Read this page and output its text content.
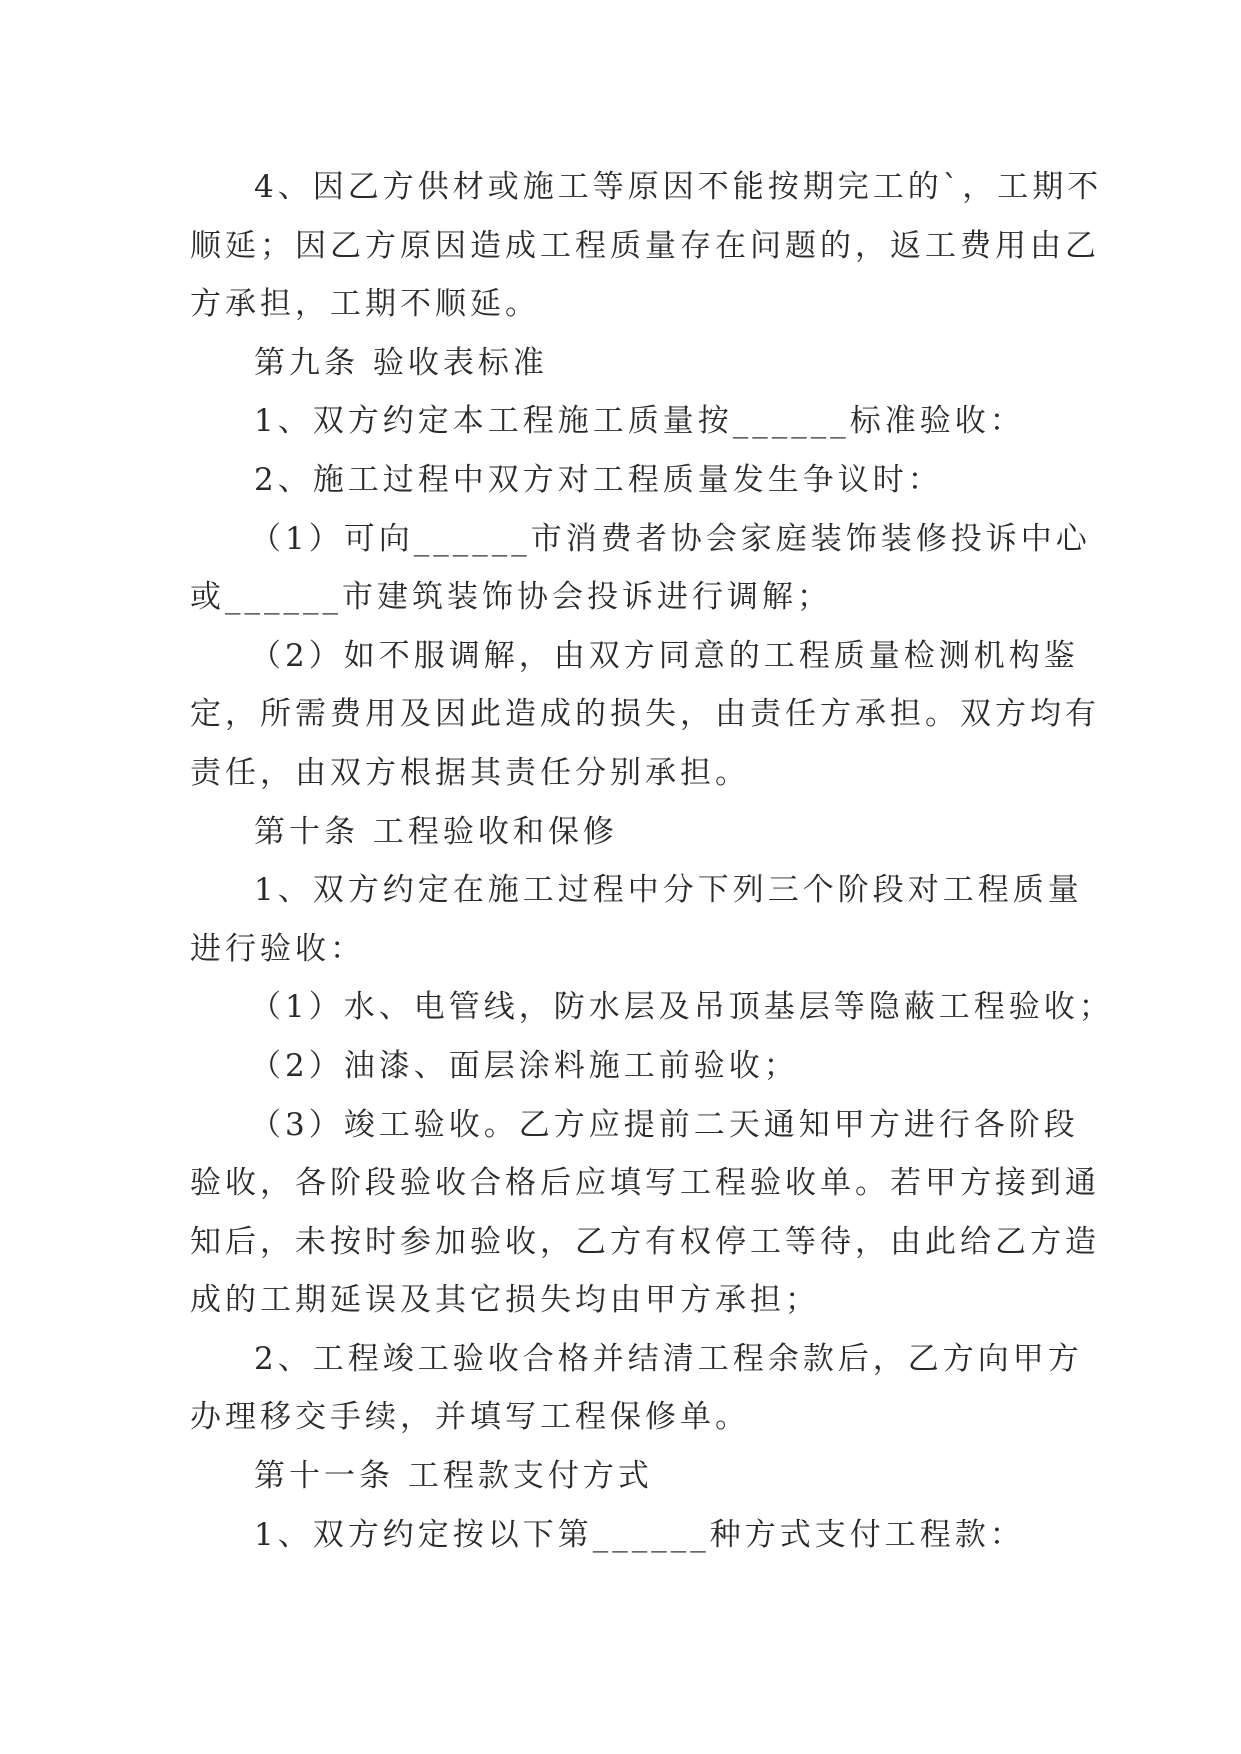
4、因乙方供材或施工等原因不能按期完工的`，工期不

顺延；因乙方原因造成工程质量存在问题的，返工费用由乙

方承担，工期不顺延。

第九条 验收表标准

1、双方约定本工程施工质量按______标准验收：

2、施工过程中双方对工程质量发生争议时：

（1）可向______市消费者协会家庭装饰装修投诉中心

或______市建筑装饰协会投诉进行调解；

（2）如不服调解，由双方同意的工程质量检测机构鉴

定，所需费用及因此造成的损失，由责任方承担。双方均有

责任，由双方根据其责任分别承担。

第十条 工程验收和保修

1、双方约定在施工过程中分下列三个阶段对工程质量

进行验收：

（1）水、电管线，防水层及吊顶基层等隐蔽工程验收；

（2）油漆、面层涂料施工前验收；

（3）竣工验收。乙方应提前二天通知甲方进行各阶段

验收，各阶段验收合格后应填写工程验收单。若甲方接到通

知后，未按时参加验收，乙方有权停工等待，由此给乙方造

成的工期延误及其它损失均由甲方承担；

2、工程竣工验收合格并结清工程余款后，乙方向甲方

办理移交手续，并填写工程保修单。

第十一条 工程款支付方式

1、双方约定按以下第______种方式支付工程款：
